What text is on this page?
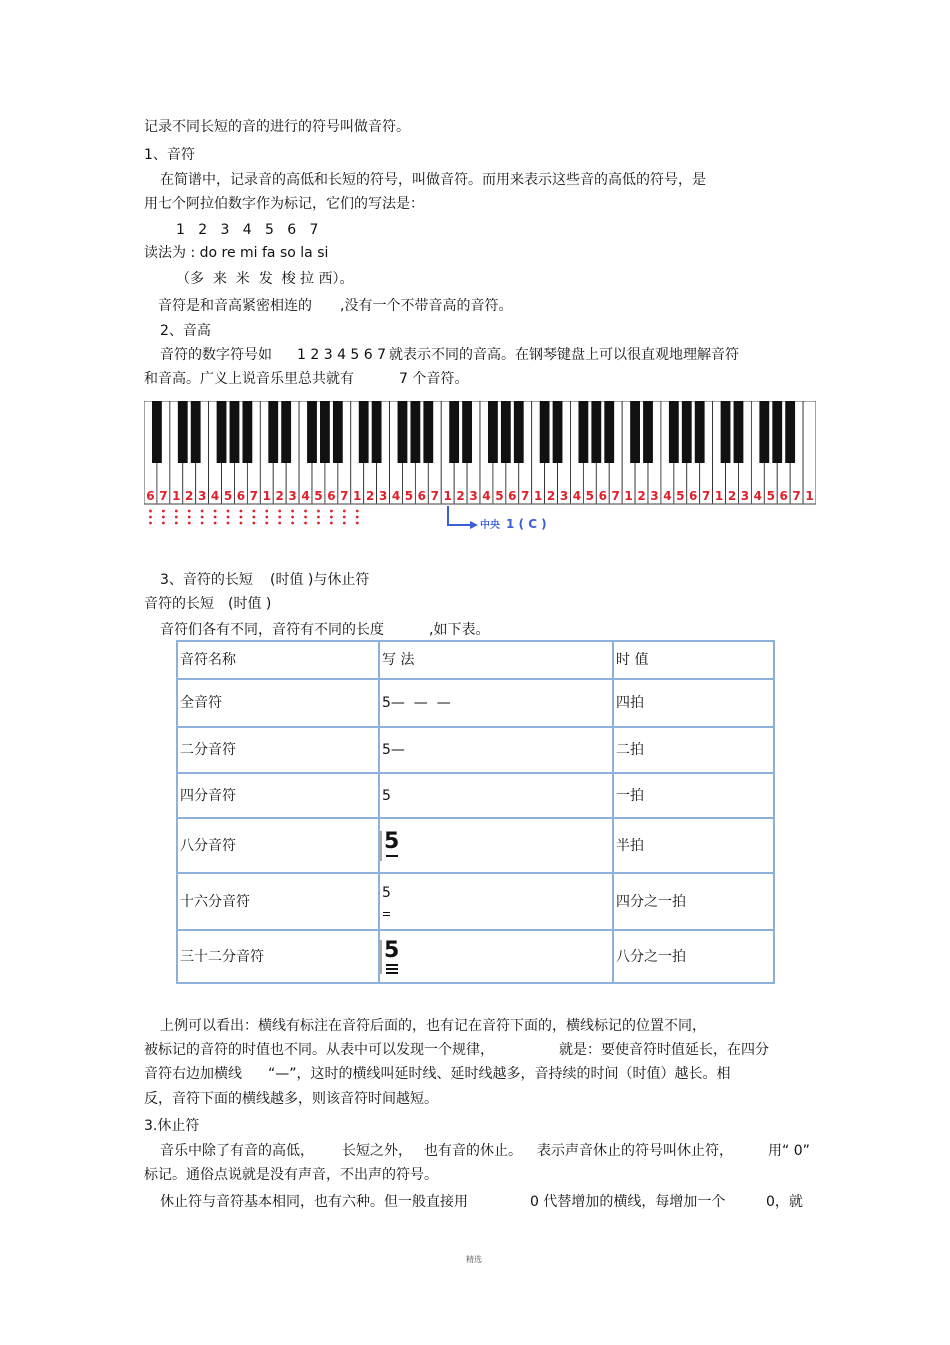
记录不同长短的音的进行的符号叫做音符。
1、音符
在简谱中，记录音的高低和长短的符号，叫做音符。而用来表示这些音的高低的符号，是
用七个阿拉伯数字作为标记，它们的写法是：
1   2   3   4   5   6   7
读法为 : do re mi fa so la si
（多  来  米  发  梭 拉 西）。
音符是和音高紧密相连的 ,没有一个不带音高的音符。
2、音高
音符的数字符号如 1 2 3 4 5 6 7 就表示不同的音高。在钢琴键盘上可以很直观地理解音符
和音高。广义上说音乐里总共就有	7 个音符。
6 7 1 2 3 4 5 6 7 1 2 3 4 5 6 7 1 2 3 4 5 6 7 1 2 3 4 5 6 7 1 2 3 4 5 6 7 1 2 3 4 5 6 7 1 2 3 4 5 6 7 1
中央 1 ( C )
3、音符的长短 (时值 )与休止符
音符的长短 (时值 )
音符们各有不同，音符有不同的长度	,如下表。
音符名称	写 法	时 值
全音符	5—  —  —	四拍
二分音符	5—	二拍
四分音符	5	一拍
八分音符	5	半拍
十六分音符	5	四分之一拍
三十二分音符	5	八分之一拍
上例可以看出：横线有标注在音符后面的，也有记在音符下面的，横线标记的位置不同，
被标记的音符的时值也不同。从表中可以发现一个规律，	就是：要使音符时值延长，在四分
音符右边加横线 “—”，这时的横线叫延时线、延时线越多，音持续的时间（时值）越长。相
反，音符下面的横线越多，则该音符时间越短。
3.休止符
音乐中除了有音的高低， 长短之外， 也有音的休止。 表示声音休止的符号叫休止符，	用“ 0”
标记。通俗点说就是没有声音，不出声的符号。
休止符与音符基本相同，也有六种。但一般直接用	0 代替增加的横线，每增加一个	0，就
精选
